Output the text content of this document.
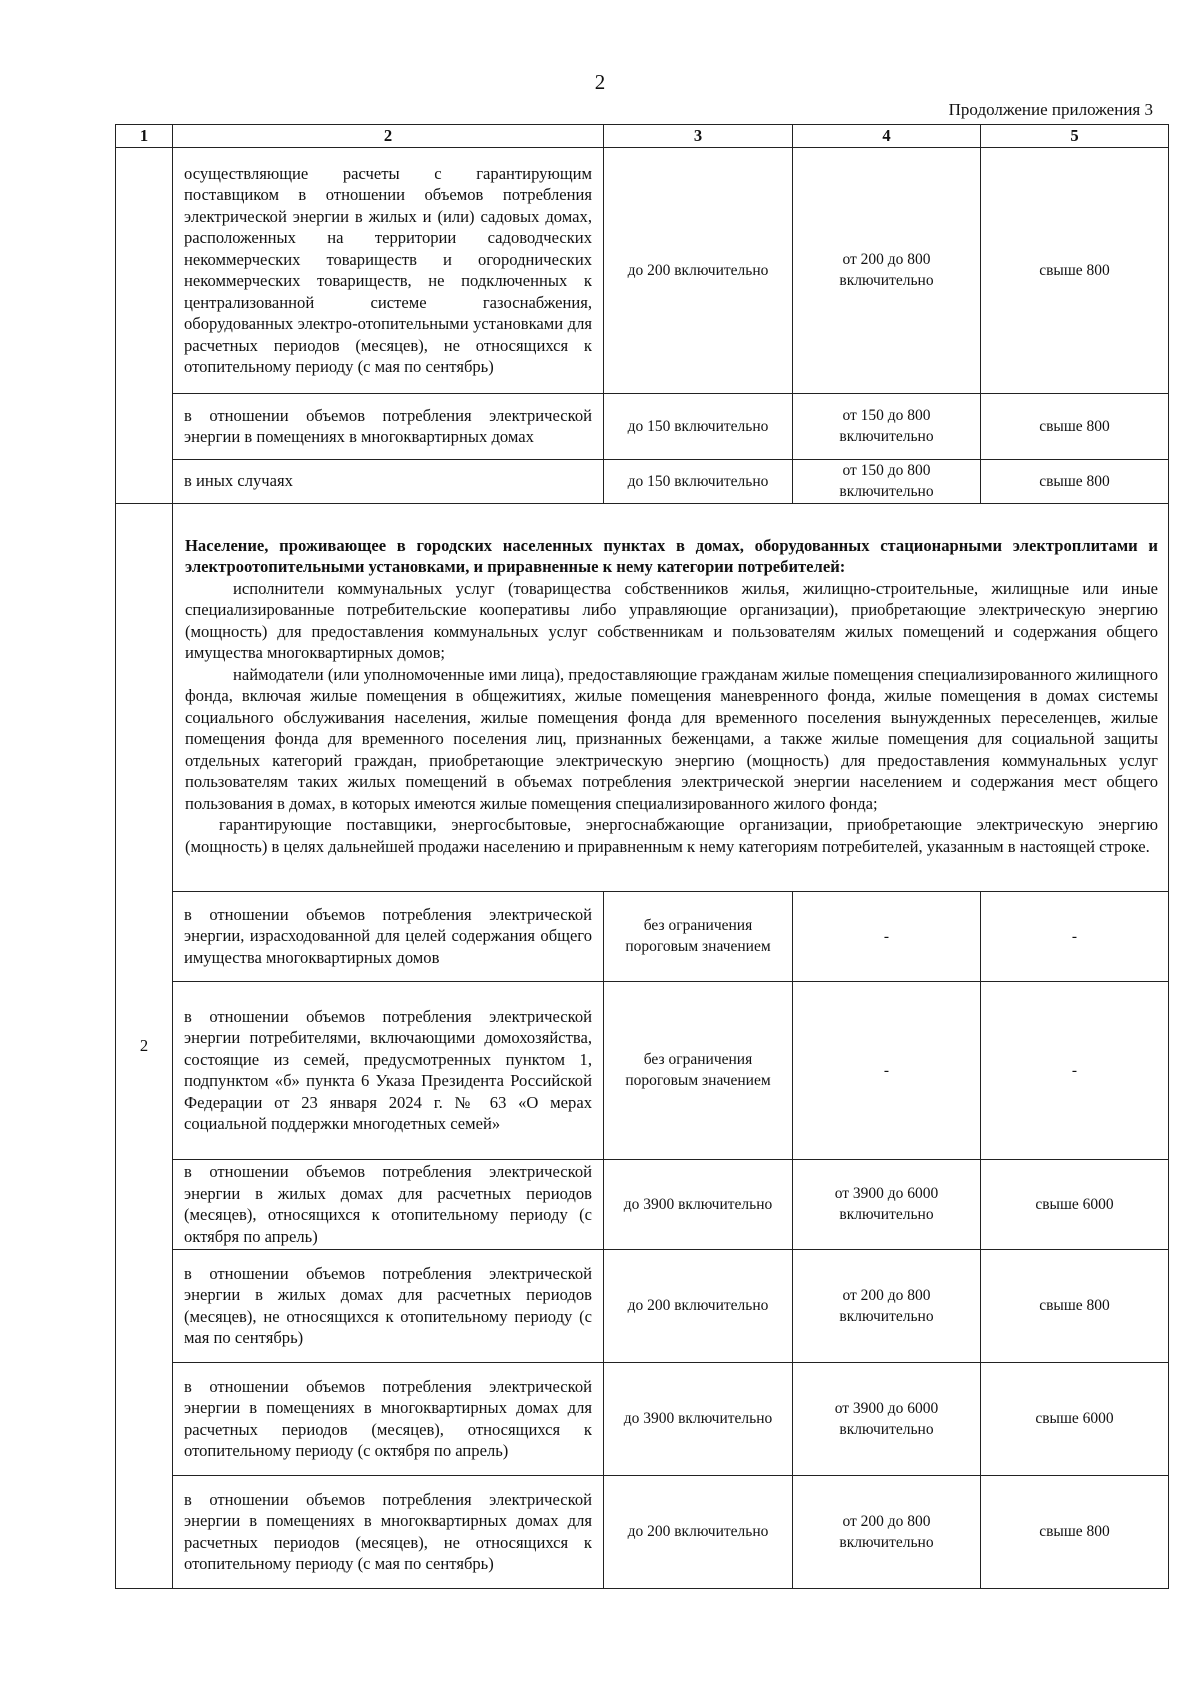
2
Продолжение приложения 3
1	2	3	4	5
	осуществляющие расчеты с гарантирующим поставщиком в отношении объемов потребления электрической энергии в жилых и (или) садовых домах, расположенных на территории садоводческих некоммерческих товариществ и огороднических некоммерческих товариществ, не подключенных к централизованной системе газоснабжения, оборудованных электро-отопительными установками для расчетных периодов (месяцев), не относящихся к отопительному периоду (с мая по сентябрь)	до 200 включительно	от 200 до 800 включительно	свыше 800
	в отношении объемов потребления электрической энергии в помещениях в многоквартирных домах	до 150 включительно	от 150 до 800 включительно	свыше 800
	в иных случаях	до 150 включительно	от 150 до 800 включительно	свыше 800
2	Население, проживающее в городских населенных пунктах в домах, оборудованных стационарными электроплитами и электроотопительными установками, и приравненные к нему категории потребителей:

исполнители коммунальных услуг (товарищества собственников жилья, жилищно-строительные, жилищные или иные специализированные потребительские кооперативы либо управляющие организации), приобретающие электрическую энергию (мощность) для предоставления коммунальных услуг собственникам и пользователям жилых помещений и содержания общего имущества многоквартирных домов;

наймодатели (или уполномоченные ими лица), предоставляющие гражданам жилые помещения специализированного жилищного фонда, включая жилые помещения в общежитиях, жилые помещения маневренного фонда, жилые помещения в домах системы социального обслуживания населения, жилые помещения фонда для временного поселения вынужденных переселенцев, жилые помещения фонда для временного поселения лиц, признанных беженцами, а также жилые помещения для социальной защиты отдельных категорий граждан, приобретающие электрическую энергию (мощность) для предоставления коммунальных услуг пользователям таких жилых помещений в объемах потребления электрической энергии населением и содержания мест общего пользования в домах, в которых имеются жилые помещения специализированного жилого фонда;

гарантирующие поставщики, энергосбытовые, энергоснабжающие организации, приобретающие электрическую энергию (мощность) в целях дальнейшей продажи населению и приравненным к нему категориям потребителей, указанным в настоящей строке.			

	в отношении объемов потребления электрической энергии, израсходованной для целей содержания общего имущества многоквартирных домов	без ограничения пороговым значением	-	-
	в отношении объемов потребления электрической энергии потребителями, включающими домохозяйства, состоящие из семей, предусмотренных пунктом 1, подпунктом «б» пункта 6 Указа Президента Российской Федерации от 23 января 2024 г. № 63 «О мерах социальной поддержки многодетных семей»	без ограничения пороговым значением	-	-
	в отношении объемов потребления электрической энергии в жилых домах для расчетных периодов (месяцев), относящихся к отопительному периоду (с октября по апрель)	до 3900 включительно	от 3900 до 6000 включительно	свыше 6000
	в отношении объемов потребления электрической энергии в жилых домах для расчетных периодов (месяцев), не относящихся к отопительному периоду (с мая по сентябрь)	до 200 включительно	от 200 до 800 включительно	свыше 800
	в отношении объемов потребления электрической энергии в помещениях в многоквартирных домах для расчетных периодов (месяцев), относящихся к отопительному периоду (с октября по апрель)	до 3900 включительно	от 3900 до 6000 включительно	свыше 6000
	в отношении объемов потребления электрической энергии в помещениях в многоквартирных домах для расчетных периодов (месяцев), не относящихся к отопительному периоду (с мая по сентябрь)	до 200 включительно	от 200 до 800 включительно	свыше 800
